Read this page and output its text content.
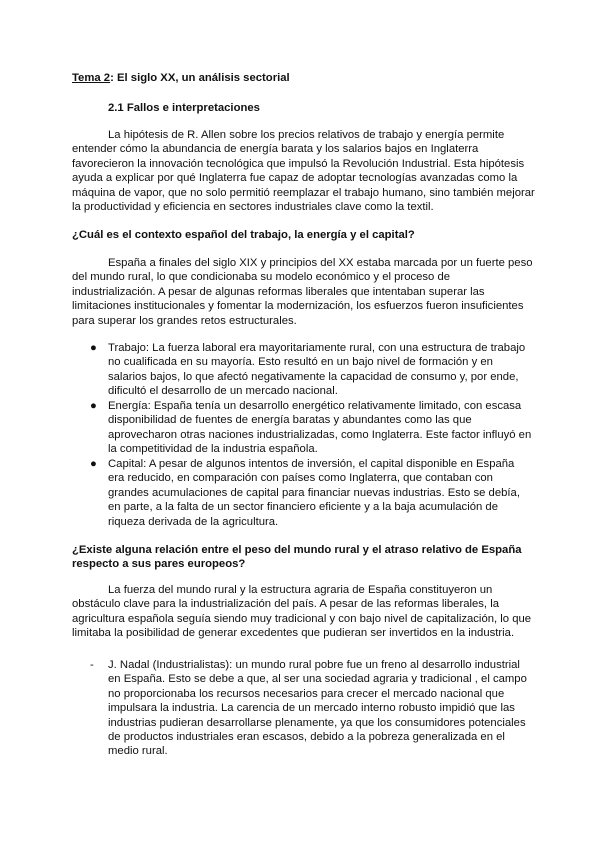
Tema 2: El siglo XX, un análisis sectorial
2.1 Fallos e interpretaciones
La hipótesis de R. Allen sobre los precios relativos de trabajo y energía permite
entender cómo la abundancia de energía barata y los salarios bajos en Inglaterra
favorecieron la innovación tecnológica que impulsó la Revolución Industrial. Esta hipótesis
ayuda a explicar por qué Inglaterra fue capaz de adoptar tecnologías avanzadas como la
máquina de vapor, que no solo permitió reemplazar el trabajo humano, sino también mejorar
la productividad y eficiencia en sectores industriales clave como la textil.
¿Cuál es el contexto español del trabajo, la energía y el capital?
España a finales del siglo XIX y principios del XX estaba marcada por un fuerte peso
del mundo rural, lo que condicionaba su modelo económico y el proceso de
industrialización. A pesar de algunas reformas liberales que intentaban superar las
limitaciones institucionales y fomentar la modernización, los esfuerzos fueron insuficientes
para superar los grandes retos estructurales.
● Trabajo: La fuerza laboral era mayoritariamente rural, con una estructura de trabajo
no cualificada en su mayoría. Esto resultó en un bajo nivel de formación y en
salarios bajos, lo que afectó negativamente la capacidad de consumo y, por ende,
dificultó el desarrollo de un mercado nacional.
● Energía: España tenía un desarrollo energético relativamente limitado, con escasa
disponibilidad de fuentes de energía baratas y abundantes como las que
aprovecharon otras naciones industrializadas, como Inglaterra. Este factor influyó en
la competitividad de la industria española.
● Capital: A pesar de algunos intentos de inversión, el capital disponible en España
era reducido, en comparación con países como Inglaterra, que contaban con
grandes acumulaciones de capital para financiar nuevas industrias. Esto se debía,
en parte, a la falta de un sector financiero eficiente y a la baja acumulación de
riqueza derivada de la agricultura.
¿Existe alguna relación entre el peso del mundo rural y el atraso relativo de España
respecto a sus pares europeos?
La fuerza del mundo rural y la estructura agraria de España constituyeron un
obstáculo clave para la industrialización del país. A pesar de las reformas liberales, la
agricultura española seguía siendo muy tradicional y con bajo nivel de capitalización, lo que
limitaba la posibilidad de generar excedentes que pudieran ser invertidos en la industria.
- J. Nadal (Industrialistas): un mundo rural pobre fue un freno al desarrollo industrial
en España. Esto se debe a que, al ser una sociedad agraria y tradicional , el campo
no proporcionaba los recursos necesarios para crecer el mercado nacional que
impulsara la industria. La carencia de un mercado interno robusto impidió que las
industrias pudieran desarrollarse plenamente, ya que los consumidores potenciales
de productos industriales eran escasos, debido a la pobreza generalizada en el
medio rural.
